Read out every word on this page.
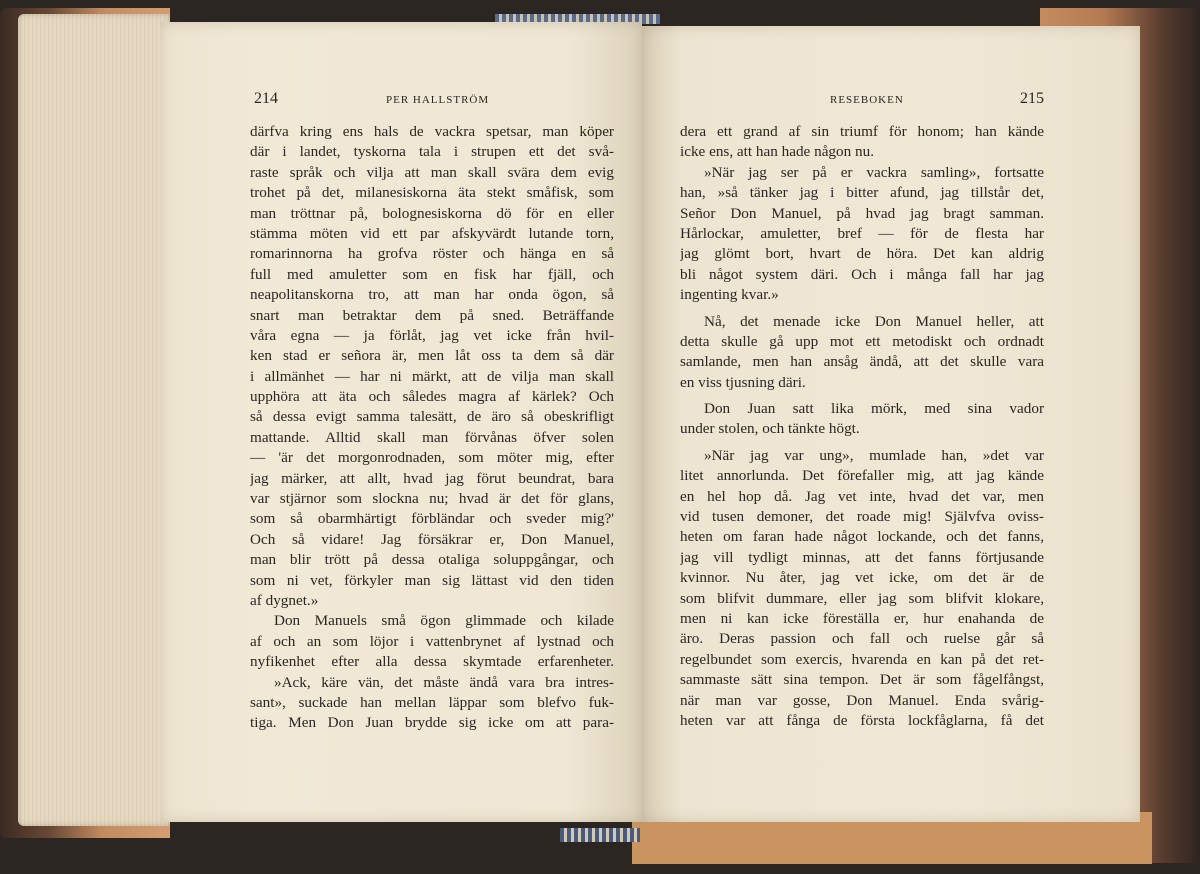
214	PER HALLSTRÖM	RESEBOKEN	215
därfva kring ens hals de vackra spetsar, man köper
där i landet, tyskorna tala i strupen ett det svå-
raste språk och vilja att man skall svära dem evig
trohet på det, milanesiskorna äta stekt småfisk, som
man tröttnar på, bolognesiskorna dö för en eller
stämma möten vid ett par afskyvärdt lutande torn,
romarinnorna ha grofva röster och hänga en så
full med amuletter som en fisk har fjäll, och
neapolitanskorna tro, att man har onda ögon, så
snart man betraktar dem på sned. Beträffande
våra egna — ja förlåt, jag vet icke från hvil-
ken stad er señora är, men låt oss ta dem så där
i allmänhet — har ni märkt, att de vilja man skall
upphöra att äta och således magra af kärlek? Och
så dessa evigt samma talesätt, de äro så obeskrifligt
mattande. Alltid skall man förvånas öfver solen
— 'är det morgonrodnaden, som möter mig, efter
jag märker, att allt, hvad jag förut beundrat, bara
var stjärnor som slockna nu; hvad är det för glans,
som så obarmhärtigt förbländar och sveder mig?'
Och så vidare! Jag försäkrar er, Don Manuel,
man blir trött på dessa otaliga soluppgångar, och
som ni vet, förkyler man sig lättast vid den tiden
af dygnet.»
Don Manuels små ögon glimmade och kilade
af och an som löjor i vattenbrynet af lystnad och
nyfikenhet efter alla dessa skymtade erfarenheter.
»Ack, käre vän, det måste ändå vara bra intres-
sant», suckade han mellan läppar som blefvo fuk-
tiga. Men Don Juan brydde sig icke om att para-
dera ett grand af sin triumf för honom; han kände
icke ens, att han hade någon nu.
»När jag ser på er vackra samling», fortsatte
han, »så tänker jag i bitter afund, jag tillstår det,
Señor Don Manuel, på hvad jag bragt samman.
Hårlockar, amuletter, bref — för de flesta har
jag glömt bort, hvart de höra. Det kan aldrig
bli något system däri. Och i många fall har jag
ingenting kvar.»
Nå, det menade icke Don Manuel heller, att
detta skulle gå upp mot ett metodiskt och ordnadt
samlande, men han ansåg ändå, att det skulle vara
en viss tjusning däri.
Don Juan satt lika mörk, med sina vador
under stolen, och tänkte högt.
»När jag var ung», mumlade han, »det var
litet annorlunda. Det förefaller mig, att jag kände
en hel hop då. Jag vet inte, hvad det var, men
vid tusen demoner, det roade mig! Självfva oviss-
heten om faran hade något lockande, och det fanns,
jag vill tydligt minnas, att det fanns förtjusande
kvinnor. Nu åter, jag vet icke, om det är de
som blifvit dummare, eller jag som blifvit klokare,
men ni kan icke föreställa er, hur enahanda de
äro. Deras passion och fall och ruelse går så
regelbundet som exercis, hvarenda en kan på det ret-
sammaste sätt sina tempon. Det är som fågelfångst,
när man var gosse, Don Manuel. Enda svårig-
heten var att fånga de första lockfåglarna, få det
